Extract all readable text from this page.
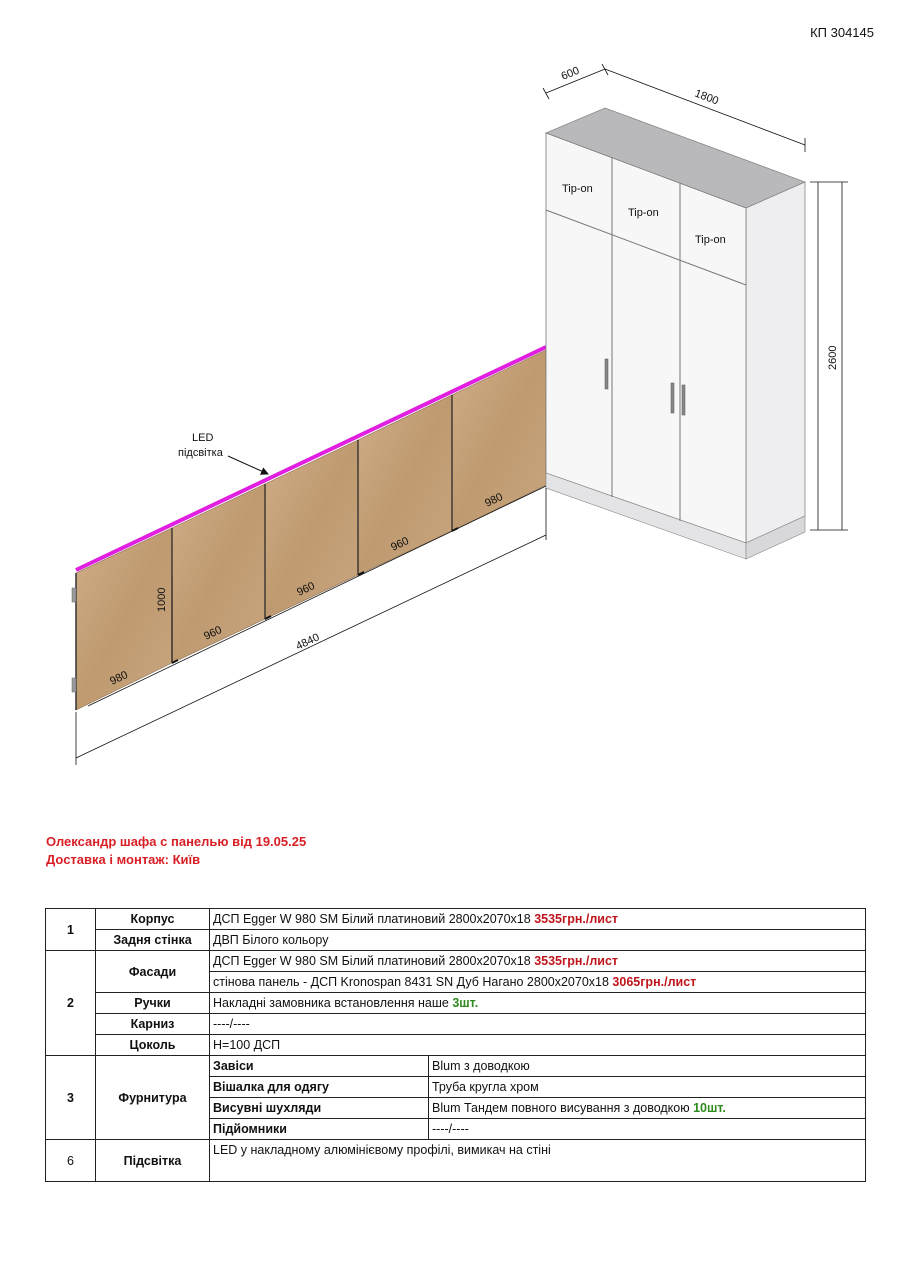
КП 304145
Tip-on
Tip-on
Tip-on
600
1800
2600
LED
підсвітка
1000
4840
980
960
960
960
980
Олександр шафа с панелью від 19.05.25
Доставка і монтаж: Київ
1	Корпус	ДСП Egger W 980 SM Білий платиновий 2800х2070х18 3535грн./лист	
	Задня стінка	ДВП Білого кольору	
2	Фасади	ДСП Egger W 980 SM Білий платиновий 2800х2070х18 3535грн./лист	
		стінова панель - ДСП Kronospan 8431 SN Дуб Нагано 2800х2070х18 3065грн./лист	
	Ручки	Накладні замовника встановлення наше 3шт.	
	Карниз	----/----	
	Цоколь	Н=100 ДСП	
3	Фурнитура	Завіси	Blum з доводкою
		Вішалка для одягу	Труба кругла хром
		Висувні шухляди	Blum Тандем повного висування з доводкою 10шт.
		Підйомники	----/----
6	Підсвітка	LED у накладному алюмінієвому профілі, вимикач на стіні	
